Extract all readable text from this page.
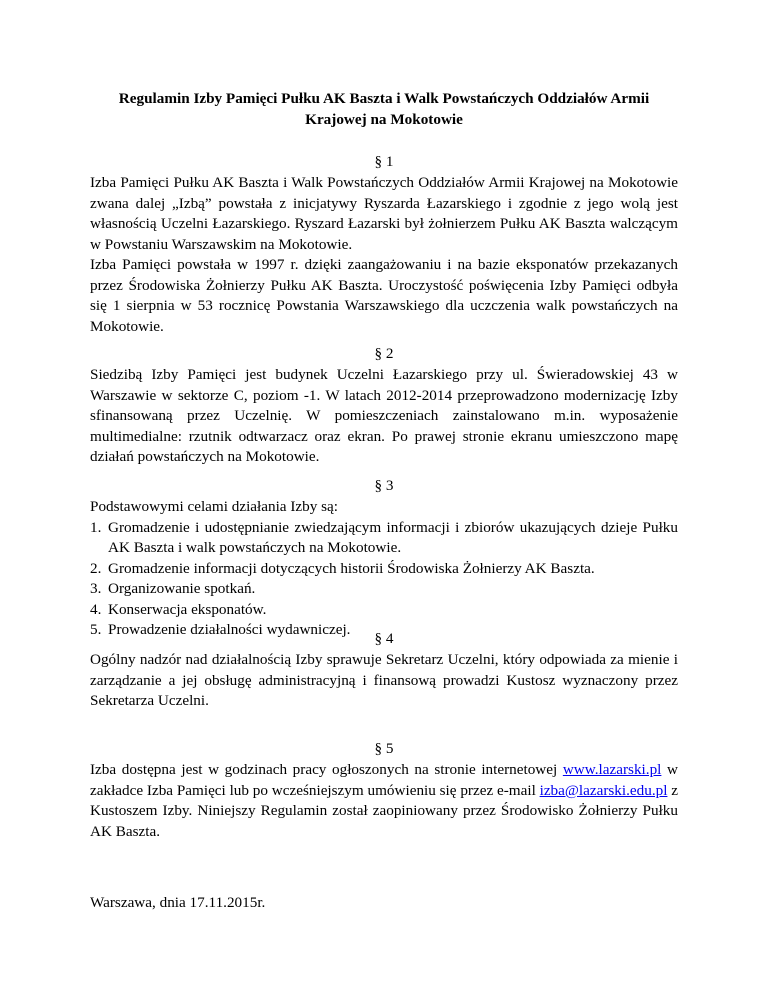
Regulamin Izby Pamięci Pułku AK Baszta i Walk Powstańczych Oddziałów Armii
Krajowej na Mokotowie
§ 1

Izba Pamięci Pułku AK Baszta i Walk Powstańczych Oddziałów Armii Krajowej na Mokotowie zwana dalej „Izbą” powstała z inicjatywy Ryszarda Łazarskiego i zgodnie z jego wolą jest własnością Uczelni Łazarskiego. Ryszard Łazarski był żołnierzem Pułku AK Baszta walczącym w Powstaniu Warszawskim na Mokotowie.

Izba Pamięci powstała w 1997 r. dzięki zaangażowaniu i na bazie eksponatów przekazanych przez Środowiska Żołnierzy Pułku AK Baszta. Uroczystość poświęcenia Izby Pamięci odbyła się 1 sierpnia w 53 rocznicę Powstania Warszawskiego dla uczczenia walk powstańczych na Mokotowie.

§ 2

Siedzibą Izby Pamięci jest budynek Uczelni Łazarskiego przy ul. Świeradowskiej 43 w Warszawie w sektorze C, poziom -1. W latach 2012-2014 przeprowadzono modernizację Izby sfinansowaną przez Uczelnię. W pomieszczeniach zainstalowano m.in. wyposażenie multimedialne: rzutnik odtwarzacz oraz ekran. Po prawej stronie ekranu umieszczono mapę działań powstańczych na Mokotowie.

§ 3

Podstawowymi celami działania Izby są:

1. Gromadzenie i udostępnianie zwiedzającym informacji i zbiorów ukazujących dzieje Pułku AK Baszta i walk powstańczych na Mokotowie.
2. Gromadzenie informacji dotyczących historii Środowiska Żołnierzy AK Baszta.
3. Organizowanie spotkań.
4. Konserwacja eksponatów.
5. Prowadzenie działalności wydawniczej.
§ 4

Ogólny nadzór nad działalnością Izby sprawuje Sekretarz Uczelni, który odpowiada za mienie i zarządzanie a jej obsługę administracyjną i finansową prowadzi Kustosz wyznaczony przez Sekretarza Uczelni.

§ 5

Izba dostępna jest w godzinach pracy ogłoszonych na stronie internetowej www.lazarski.pl w zakładce Izba Pamięci lub po wcześniejszym umówieniu się przez e-mail izba@lazarski.edu.pl z Kustoszem Izby. Niniejszy Regulamin został zaopiniowany przez Środowisko Żołnierzy Pułku AK Baszta.

Warszawa, dnia 17.11.2015r.
